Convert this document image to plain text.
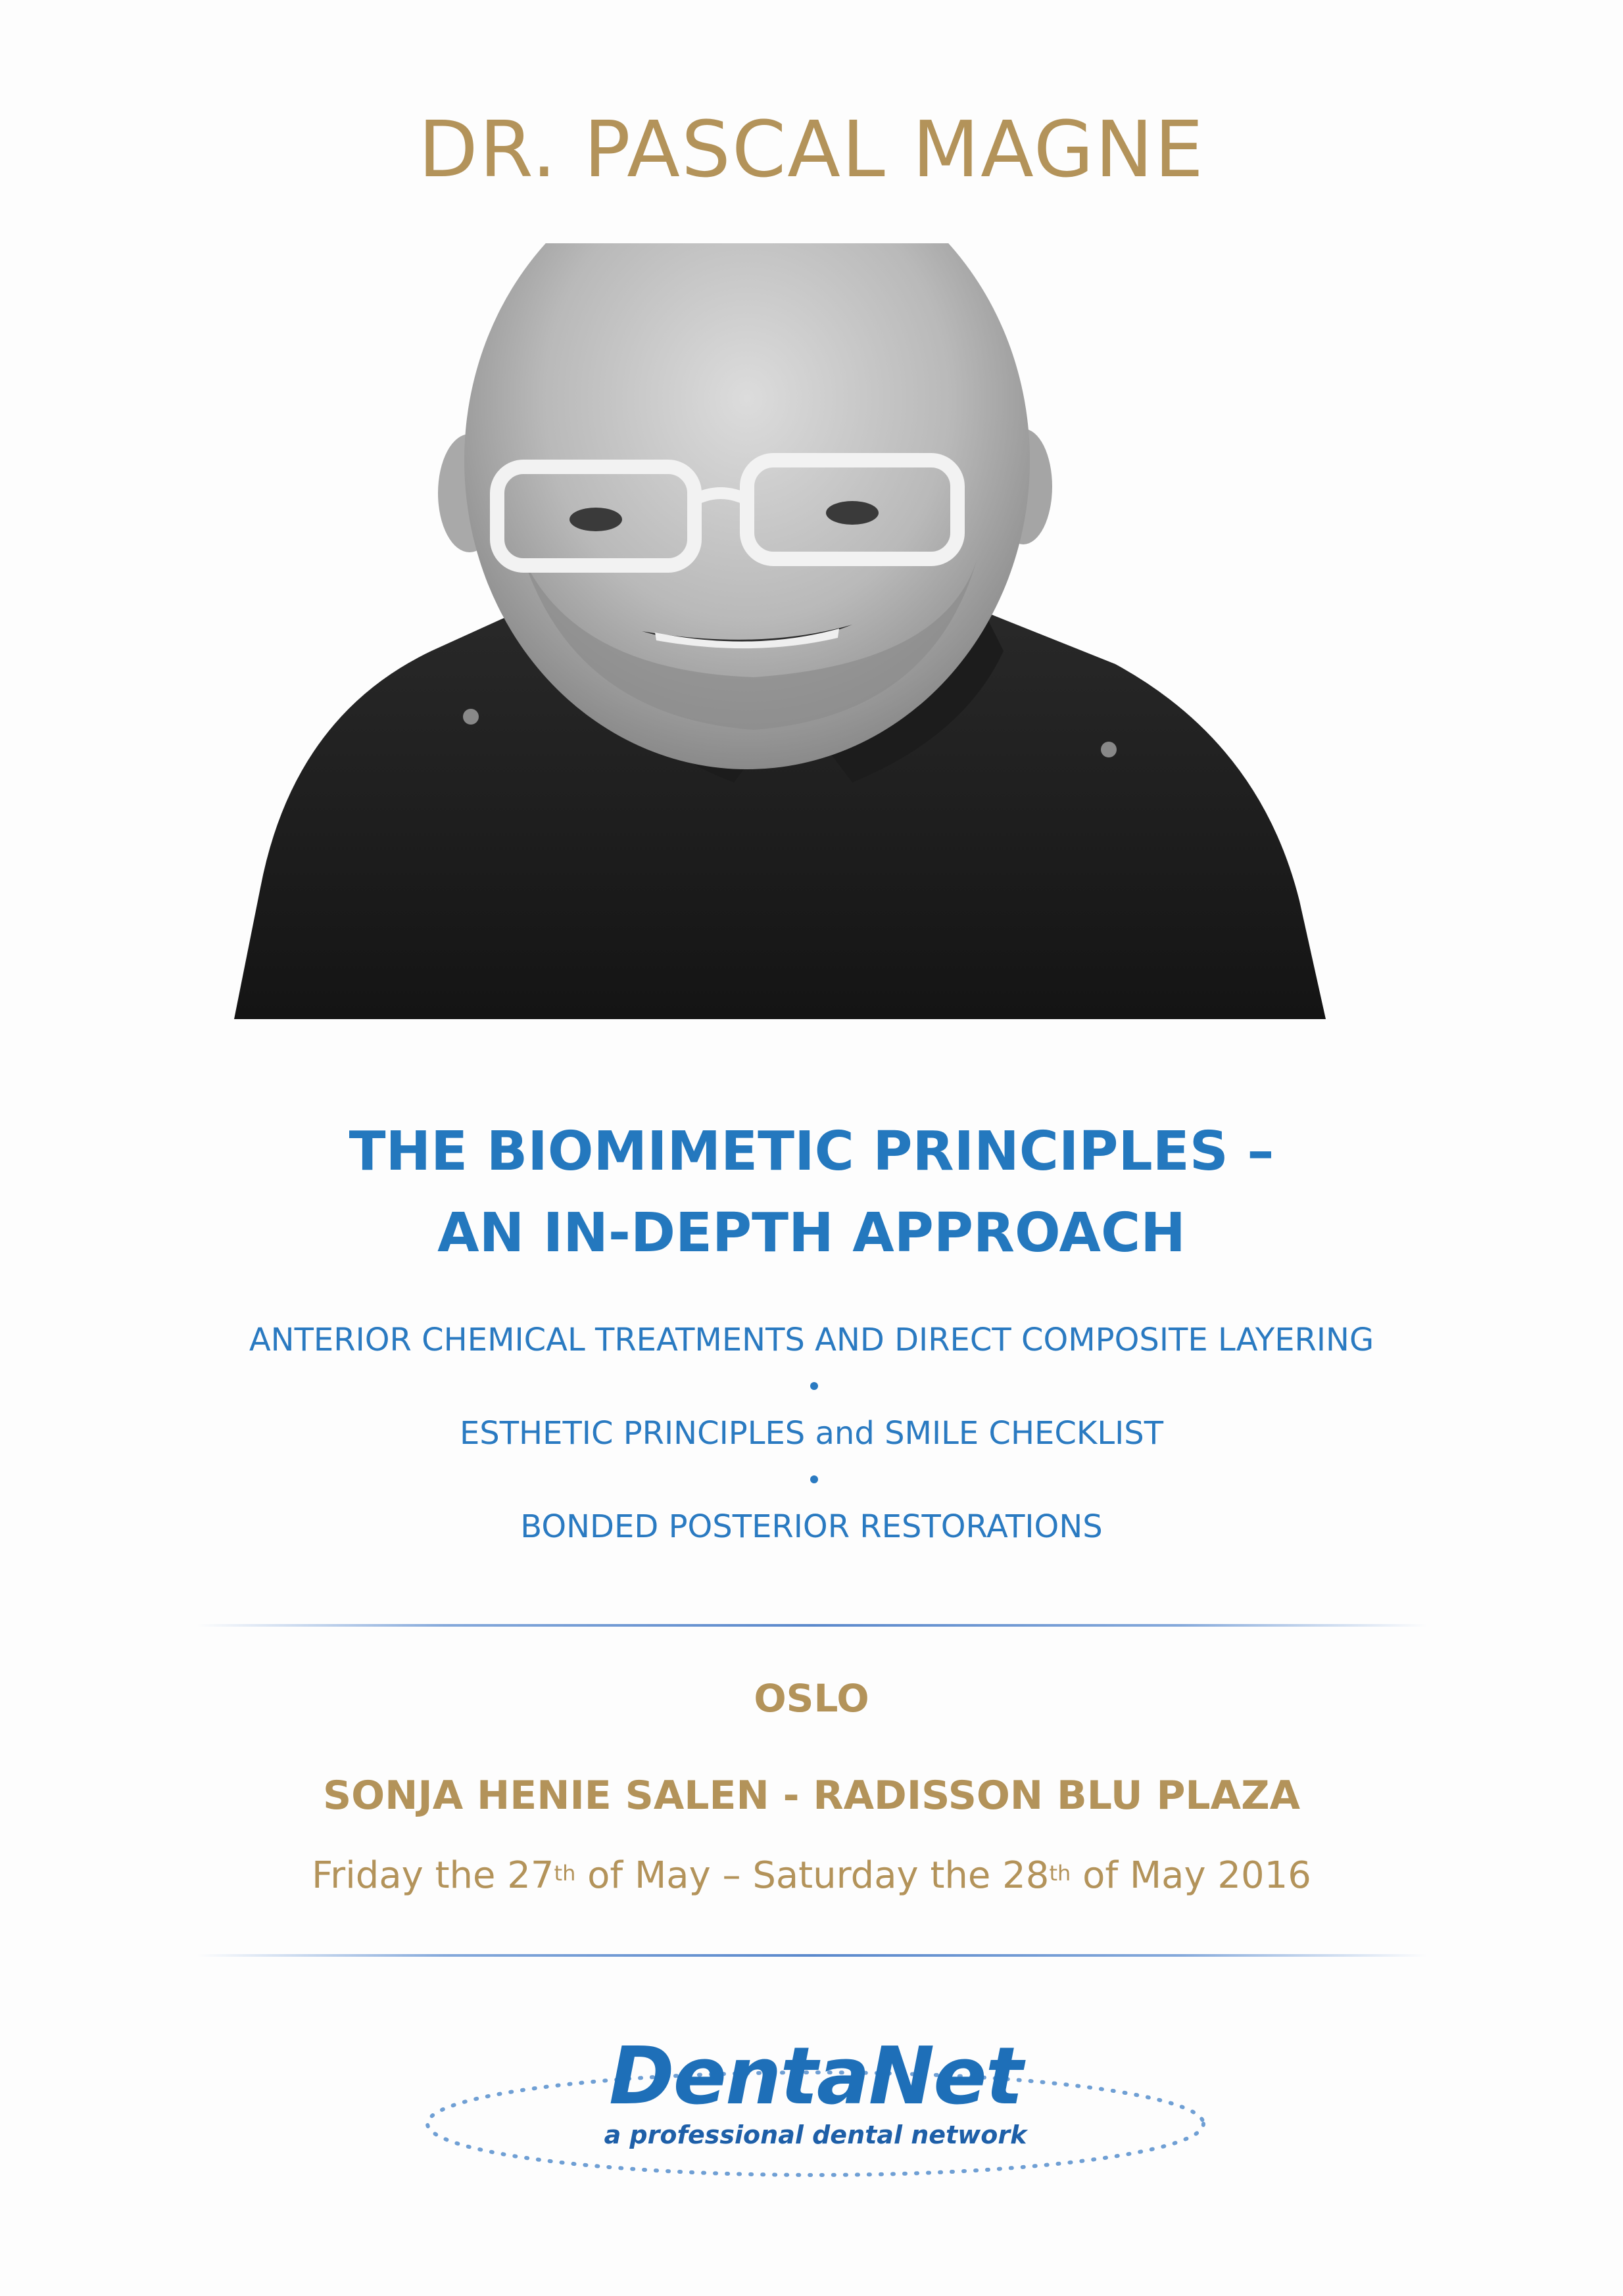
DR. PASCAL MAGNE
THE BIOMIMETIC PRINCIPLES –
AN IN-DEPTH APPROACH
ANTERIOR CHEMICAL TREATMENTS AND DIRECT COMPOSITE LAYERING
ESTHETIC PRINCIPLES and SMILE CHECKLIST
BONDED POSTERIOR RESTORATIONS
OSLO
SONJA HENIE SALEN - RADISSON BLU PLAZA
Friday the 27th of May – Saturday the 28th of May 2016
DentaNet
a professional dental network
